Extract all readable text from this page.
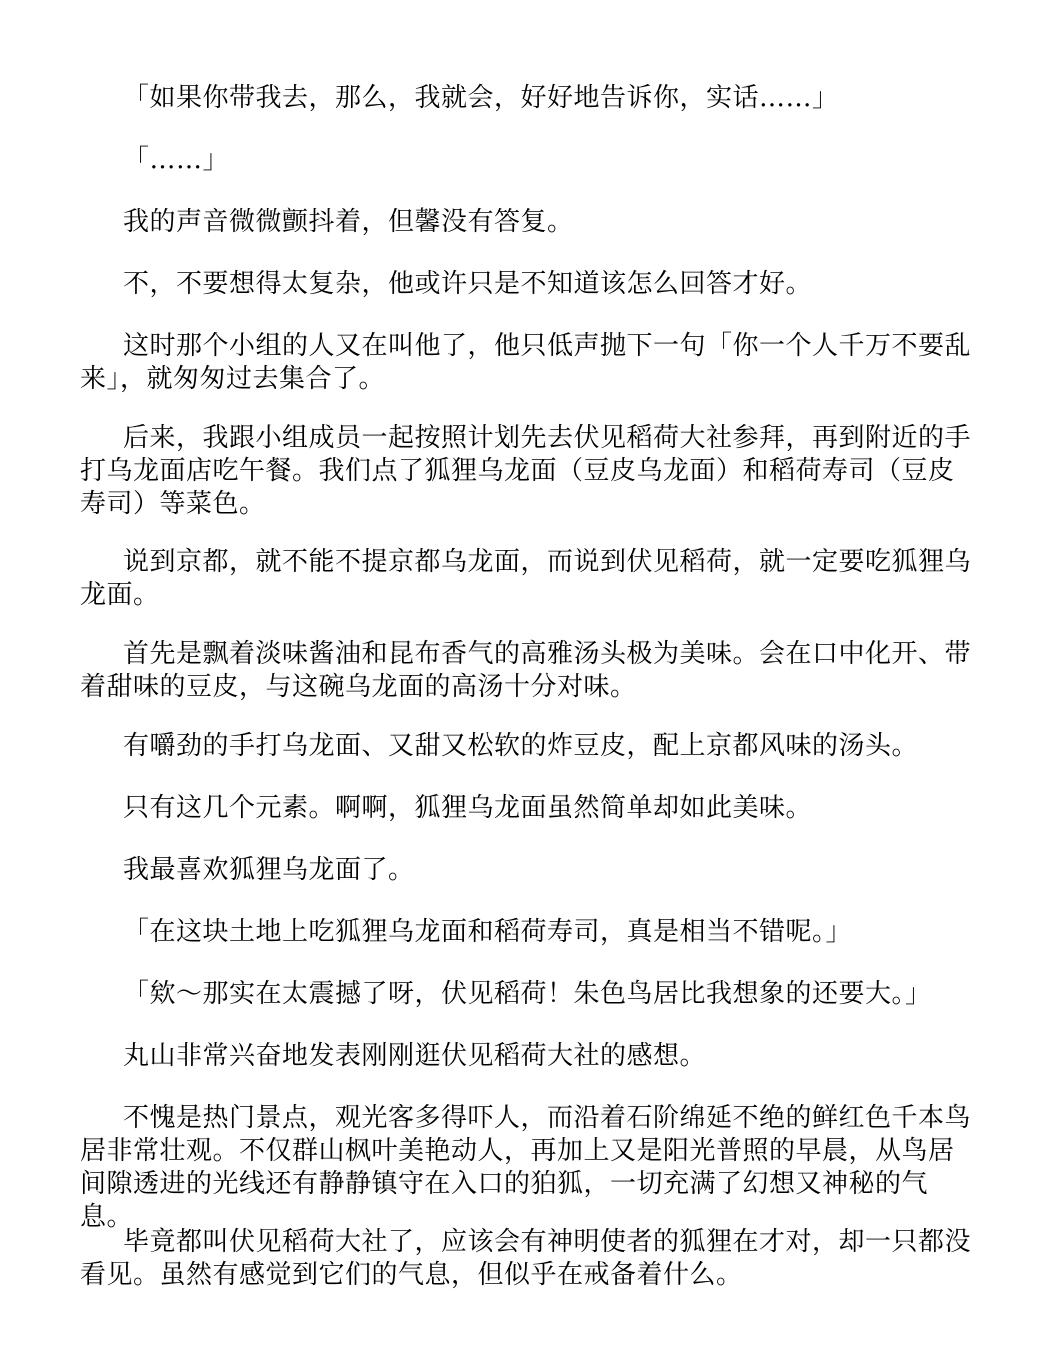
「如果你带我去，那么，我就会，好好地告诉你，实话……」

「……」

我的声音微微颤抖着，但馨没有答复。

不，不要想得太复杂，他或许只是不知道该怎么回答才好。

这时那个小组的人又在叫他了，他只低声抛下一句「你一个人千万不要乱来」，就匆匆过去集合了。

后来，我跟小组成员一起按照计划先去伏见稻荷大社参拜，再到附近的手打乌龙面店吃午餐。我们点了狐狸乌龙面（豆皮乌龙面）和稻荷寿司（豆皮寿司）等菜色。

说到京都，就不能不提京都乌龙面，而说到伏见稻荷，就一定要吃狐狸乌龙面。

首先是飘着淡味酱油和昆布香气的高雅汤头极为美味。会在口中化开、带着甜味的豆皮，与这碗乌龙面的高汤十分对味。

有嚼劲的手打乌龙面、又甜又松软的炸豆皮，配上京都风味的汤头。

只有这几个元素。啊啊，狐狸乌龙面虽然简单却如此美味。

我最喜欢狐狸乌龙面了。

「在这块土地上吃狐狸乌龙面和稻荷寿司，真是相当不错呢。」

「欸～那实在太震撼了呀，伏见稻荷！朱色鸟居比我想象的还要大。」

丸山非常兴奋地发表刚刚逛伏见稻荷大社的感想。

不愧是热门景点，观光客多得吓人，而沿着石阶绵延不绝的鲜红色千本鸟居非常壮观。不仅群山枫叶美艳动人，再加上又是阳光普照的早晨，从鸟居间隙透进的光线还有静静镇守在入口的狛狐，一切充满了幻想又神秘的气息。

毕竟都叫伏见稻荷大社了，应该会有神明使者的狐狸在才对，却一只都没看见。虽然有感觉到它们的气息，但似乎在戒备着什么。
